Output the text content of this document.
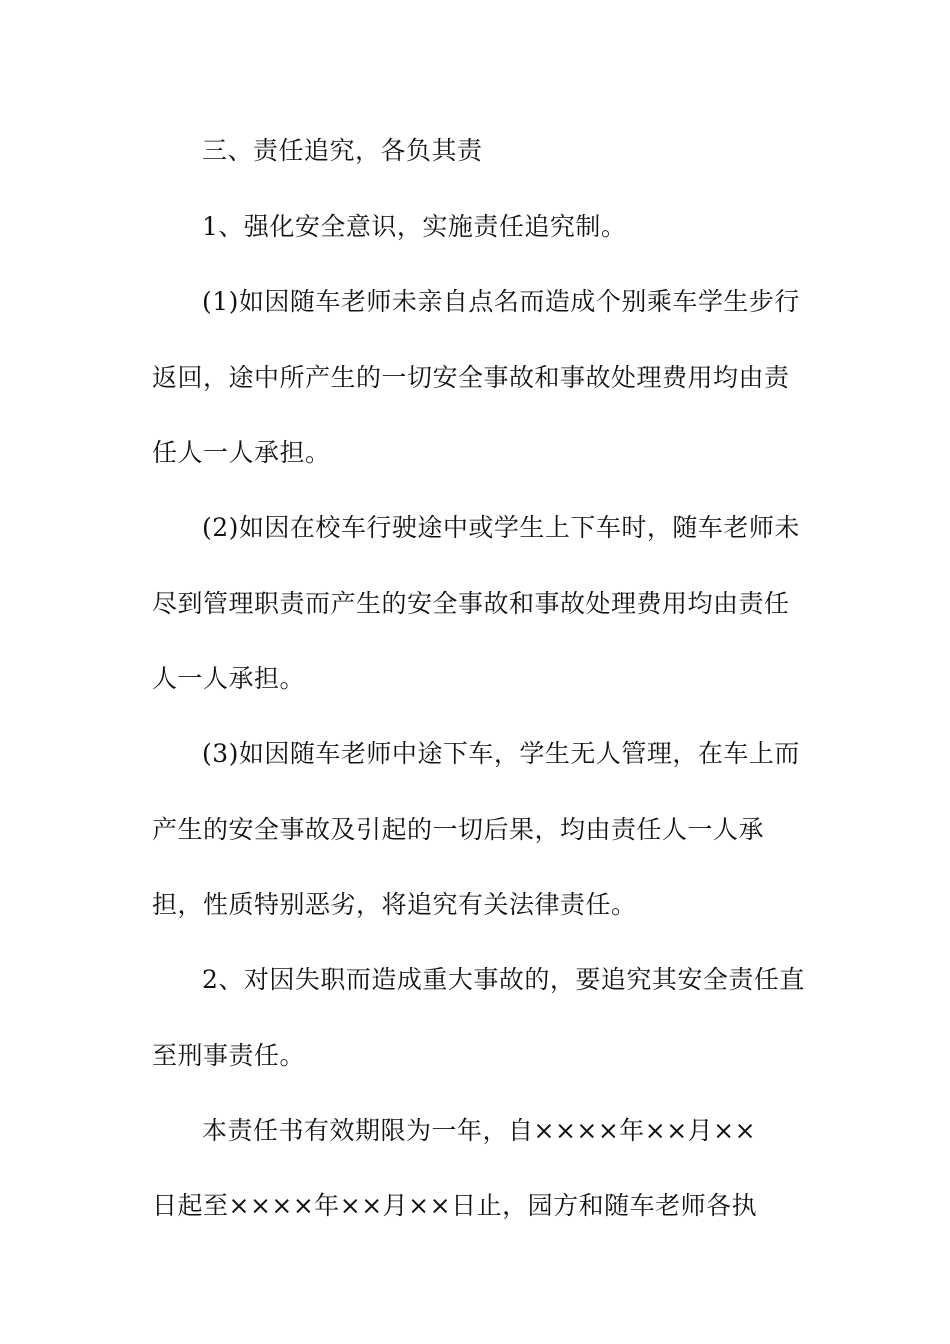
三、责任追究，各负其责
1、强化安全意识，实施责任追究制。
(1)如因随车老师未亲自点名而造成个别乘车学生步行
返回，途中所产生的一切安全事故和事故处理费用均由责
任人一人承担。
(2)如因在校车行驶途中或学生上下车时，随车老师未
尽到管理职责而产生的安全事故和事故处理费用均由责任
人一人承担。
(3)如因随车老师中途下车，学生无人管理，在车上而
产生的安全事故及引起的一切后果，均由责任人一人承
担，性质特别恶劣，将追究有关法律责任。
2、对因失职而造成重大事故的，要追究其安全责任直
至刑事责任。
本责任书有效期限为一年，自××××年××月××
日起至××××年××月××日止，园方和随车老师各执
